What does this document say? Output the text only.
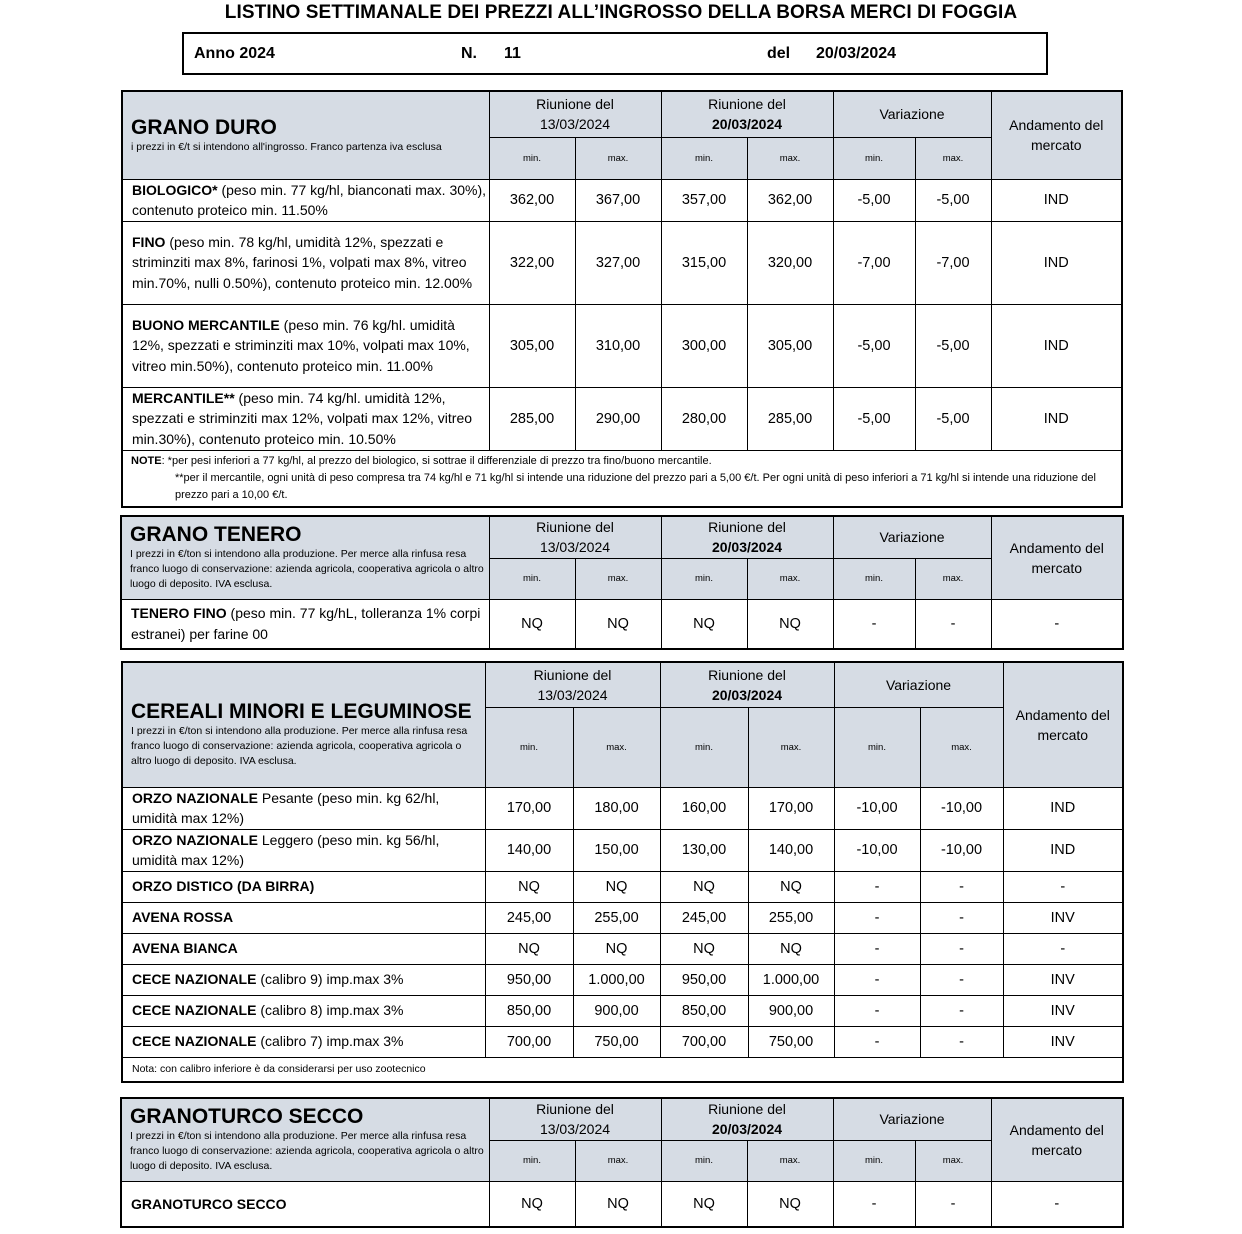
LISTINO SETTIMANALE DEI PREZZI ALL’INGROSSO DELLA BORSA MERCI DI FOGGIA
Anno 2024	N. 11	del 20/03/2024
GRANO DURO
i prezzi in €/t si intendono all'ingrosso. Franco partenza iva esclusa	Riunione del
13/03/2024		Riunione del
20/03/2024		Variazione		Andamento del mercato
	min.	max.	min.	max.	min.	max.	
BIOLOGICO* (peso min. 77 kg/hl, bianconati max. 30%), contenuto proteico min. 11.50%	362,00	367,00	357,00	362,00	-5,00	-5,00	IND
FINO (peso min. 78 kg/hl, umidità 12%, spezzati e striminziti max 8%, farinosi 1%, volpati max 8%, vitreo min.70%, nulli 0.50%), contenuto proteico min. 12.00%	322,00	327,00	315,00	320,00	-7,00	-7,00	IND
BUONO MERCANTILE (peso min. 76 kg/hl. umidità 12%, spezzati e striminziti max 10%, volpati max 10%, vitreo min.50%), contenuto proteico min. 11.00%	305,00	310,00	300,00	305,00	-5,00	-5,00	IND
MERCANTILE** (peso min. 74 kg/hl. umidità 12%, spezzati e striminziti max 12%, volpati max 12%, vitreo min.30%), contenuto proteico min. 10.50%	285,00	290,00	280,00	285,00	-5,00	-5,00	IND

NOTE: *per pesi inferiori a 77 kg/hl, al prezzo del biologico, si sottrae il differenziale di prezzo tra fino/buono mercantile.
**per il mercantile, ogni unità di peso compresa tra 74 kg/hl e 71 kg/hl si intende una riduzione del prezzo pari a 5,00 €/t. Per ogni unità di peso inferiori a 71 kg/hl si intende una riduzione del prezzo pari a 10,00 €/t.							
GRANO TENERO
I prezzi in €/ton si intendono alla produzione. Per merce alla rinfusa resa franco luogo di conservazione: azienda agricola, cooperativa agricola o altro luogo di deposito. IVA esclusa.	Riunione del
13/03/2024		Riunione del
20/03/2024		Variazione		Andamento del mercato
	min.	max.	min.	max.	min.	max.	
TENERO FINO (peso min. 77 kg/hL, tolleranza 1% corpi estranei) per farine 00	NQ	NQ	NQ	NQ	-	-	-
CEREALI MINORI E LEGUMINOSE
I prezzi in €/ton si intendono alla produzione. Per merce alla rinfusa resa franco luogo di conservazione: azienda agricola, cooperativa agricola o altro luogo di deposito. IVA esclusa.	Riunione del
13/03/2024		Riunione del
20/03/2024		Variazione		Andamento del mercato
	min.	max.	min.	max.	min.	max.	
ORZO NAZIONALE Pesante (peso min. kg 62/hl, umidità max 12%)	170,00	180,00	160,00	170,00	-10,00	-10,00	IND
ORZO NAZIONALE Leggero (peso min. kg 56/hl, umidità max 12%)	140,00	150,00	130,00	140,00	-10,00	-10,00	IND
ORZO DISTICO (DA BIRRA)	NQ	NQ	NQ	NQ	-	-	-
AVENA ROSSA	245,00	255,00	245,00	255,00	-	-	INV
AVENA BIANCA	NQ	NQ	NQ	NQ	-	-	-
CECE NAZIONALE (calibro 9) imp.max 3%	950,00	1.000,00	950,00	1.000,00	-	-	INV
CECE NAZIONALE (calibro 8) imp.max 3%	850,00	900,00	850,00	900,00	-	-	INV
CECE NAZIONALE (calibro 7) imp.max 3%	700,00	750,00	700,00	750,00	-	-	INV
Nota: con calibro inferiore è da considerarsi per uso zootecnico							
GRANOTURCO SECCO
I prezzi in €/ton si intendono alla produzione. Per merce alla rinfusa resa franco luogo di conservazione: azienda agricola, cooperativa agricola o altro luogo di deposito. IVA esclusa.	Riunione del
13/03/2024		Riunione del
20/03/2024		Variazione		Andamento del mercato
	min.	max.	min.	max.	min.	max.	
GRANOTURCO SECCO	NQ	NQ	NQ	NQ	-	-	-
